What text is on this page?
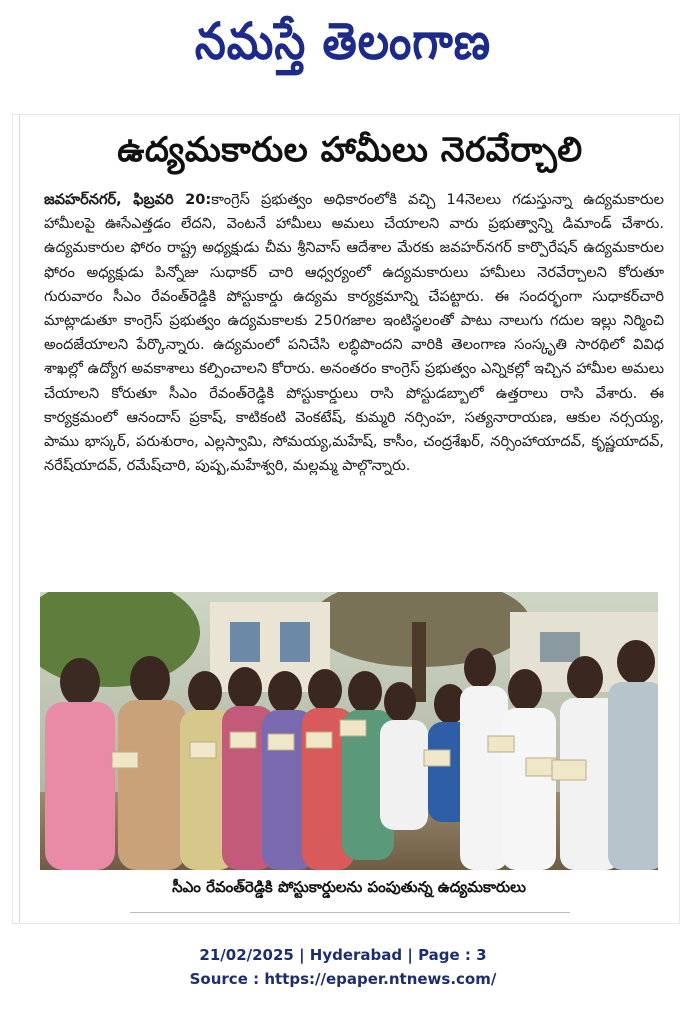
నమస్తే తెలంగాణ
ఉద్యమకారుల హామీలు నెరవేర్చాలి

జవహర్‌నగర్, ఫిబ్రవరి 20:కాంగ్రెస్ ప్రభుత్వం అధికారంలోకి వచ్చి 14నెలలు గడుస్తున్నా ఉద్యమకారుల హామీలపై ఊసేఎత్తడం లేదని, వెంటనే హామీలు అమలు చేయాలని వారు ప్రభుత్వాన్ని డిమాండ్ చేశారు. ఉద్యమకారుల ఫోరం రాష్ట్ర అధ్యక్షుడు చీమ శ్రీనివాస్ ఆదేశాల మేరకు జవహర్‌నగర్ కార్పొరేషన్ ఉద్యమకారుల ఫోరం అధ్యక్షుడు పిన్నోజు సుధాకర్ చారి ఆధ్వర్యంలో ఉద్యమకారులు హామీలు నెరవేర్చాలని కోరుతూ గురువారం సీఎం రేవంత్‌రెడ్డికి పోస్టుకార్డు ఉద్యమ కార్యక్రమాన్ని చేపట్టారు. ఈ సందర్భంగా సుధాకర్‌చారి మాట్లాడుతూ కాంగ్రెస్ ప్రభుత్వం ఉద్యమకాలకు 250గజాల ఇంటిస్థలంతో పాటు నాలుగు గదుల ఇల్లు నిర్మించి అందజేయాలని పేర్కొన్నారు. ఉద్యమంలో పనిచేసి లబ్ధిపొందని వారికి తెలంగాణ సంస్కృతి సారథిలో వివిధ శాఖల్లో ఉద్యోగ అవకాశాలు కల్పించాలని కోరారు. అనంతరం కాంగ్రెస్ ప్రభుత్వం ఎన్నికల్లో ఇచ్చిన హామీల అమలు చేయాలని కోరుతూ సీఎం రేవంత్‌రెడ్డికి పోస్టుకార్డులు రాసి పోస్టుడబ్బాలో ఉత్తరాలు రాసి వేశారు. ఈ కార్యక్రమంలో ఆనందాస్ ప్రకాష్, కాటికంటి వెంకటేష్, కుమ్మరి నర్సింహ, సత్యనారాయణ, ఆకుల నర్సయ్య, పాము భాస్కర్, పరుశురాం, ఎల్లస్వామి, సోమయ్య,మహేష్, కాసీం, చంద్రశేఖర్, నర్సింహాయాదవ్, కృష్ణయాదవ్, నరేష్‌యాదవ్, రమేష్‌చారి, పుష్ప,మహేశ్వరి, మల్లమ్మ పాల్గొన్నారు.

సీఎం రేవంత్‌రెడ్డికి పోస్టుకార్డులను పంపుతున్న ఉద్యమకారులు
21/02/2025 | Hyderabad | Page : 3
Source : https://epaper.ntnews.com/
